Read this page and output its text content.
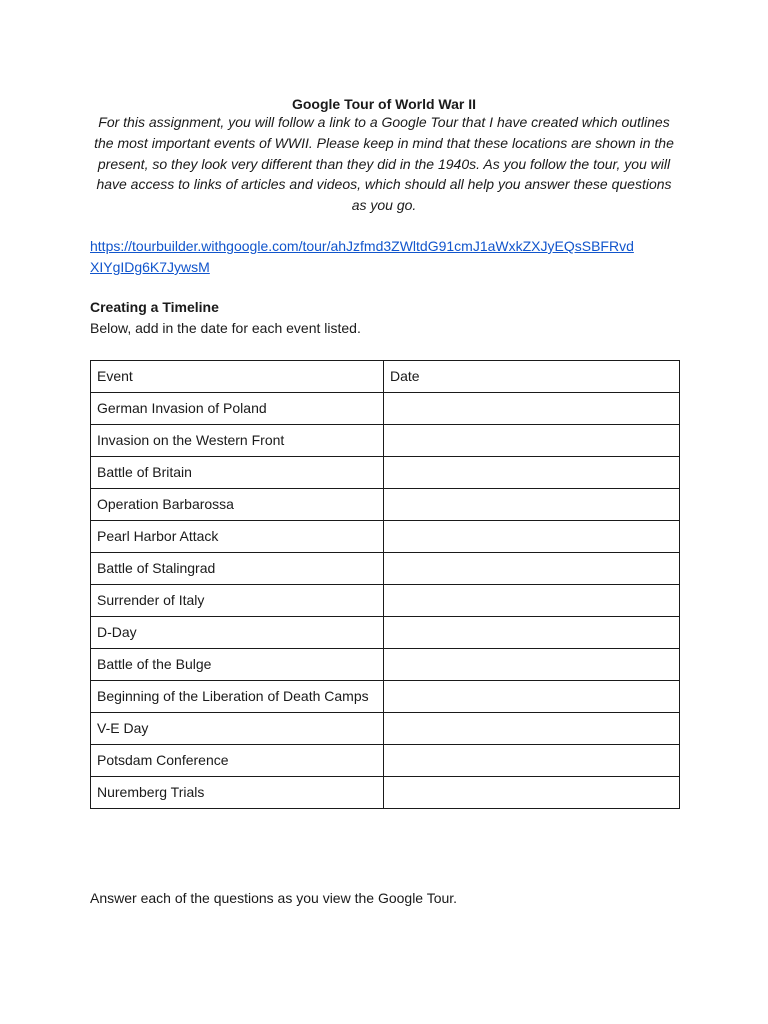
Google Tour of World War II
For this assignment, you will follow a link to a Google Tour that I have created which outlines the most important events of WWII. Please keep in mind that these locations are shown in the present, so they look very different than they did in the 1940s. As you follow the tour, you will have access to links of articles and videos, which should all help you answer these questions as you go.
https://tourbuilder.withgoogle.com/tour/ahJzfmd3ZWltdG91cmJ1aWxkZXJyEQsSBFRvd
XIYgIDg6K7JywsM
Creating a Timeline
Below, add in the date for each event listed.
Event	Date
German Invasion of Poland	
Invasion on the Western Front	
Battle of Britain	
Operation Barbarossa	
Pearl Harbor Attack	
Battle of Stalingrad	
Surrender of Italy	
D-Day	
Battle of the Bulge	
Beginning of the Liberation of Death Camps	
V-E Day	
Potsdam Conference	
Nuremberg Trials	
Answer each of the questions as you view the Google Tour.
